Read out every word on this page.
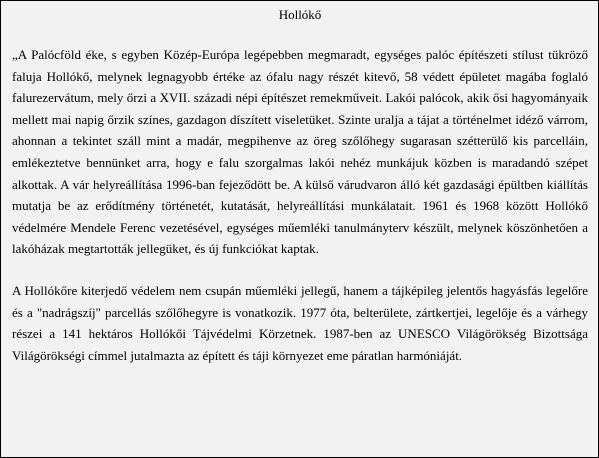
Hollókő

„A Palócföld éke, s egyben Közép-Európa legépebben megmaradt, egységes palóc építészeti stílust tükröző faluja Hollókő, melynek legnagyobb értéke az ófalu nagy részét kitevő, 58 védett épületet magába foglaló falurezervátum, mely őrzi a XVII. századi népi építészet remekműveit. Lakói palócok, akik ősi hagyományaik mellett mai napig őrzik színes, gazdagon díszített viseletüket. Szinte uralja a tájat a történelmet idéző várrom, ahonnan a tekintet száll mint a madár, megpihenve az öreg szőlőhegy sugarasan szétterülő kis parcelláin, emlékeztetve bennünket arra, hogy e falu szorgalmas lakói nehéz munkájuk közben is maradandó szépet alkottak. A vár helyreállítása 1996-ban fejeződött be. A külső várudvaron álló két gazdasági épültben kiállítás mutatja be az erődítmény történetét, kutatását, helyreállítási munkálatait. 1961 és 1968 között Hollókő védelmére Mendele Ferenc vezetésével, egységes műemléki tanulmányterv készült, melynek köszönhetően a lakóházak megtartották jellegüket, és új funkciókat kaptak.

A Hollókőre kiterjedő védelem nem csupán műemléki jellegű, hanem a tájképileg jelentős hagyásfás legelőre és a "nadrágszíj" parcellás szőlőhegyre is vonatkozik. 1977 óta, belterülete, zártkertjei, legelője és a várhegy részei a 141 hektáros Hollókői Tájvédelmi Körzetnek. 1987-ben az UNESCO Világörökség Bizottsága Világörökségi címmel jutalmazta az épített és táji környezet eme páratlan harmóniáját.
